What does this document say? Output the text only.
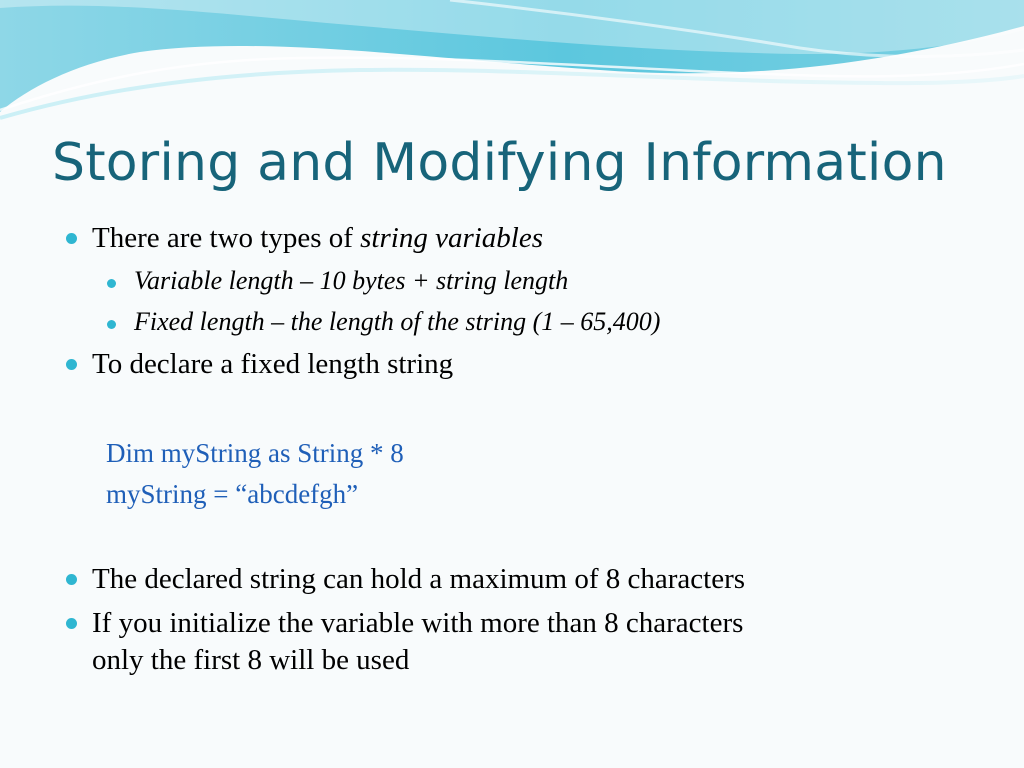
Storing and Modifying Information
There are two types of string variables
Variable length – 10 bytes + string length
Fixed length – the length of the string (1 – 65,400)
To declare a fixed length string
Dim myString as String * 8
myString = “abcdefgh”
The declared string can hold a maximum of 8 characters
If you initialize the variable with more than 8 characters
only the first 8 will be used
